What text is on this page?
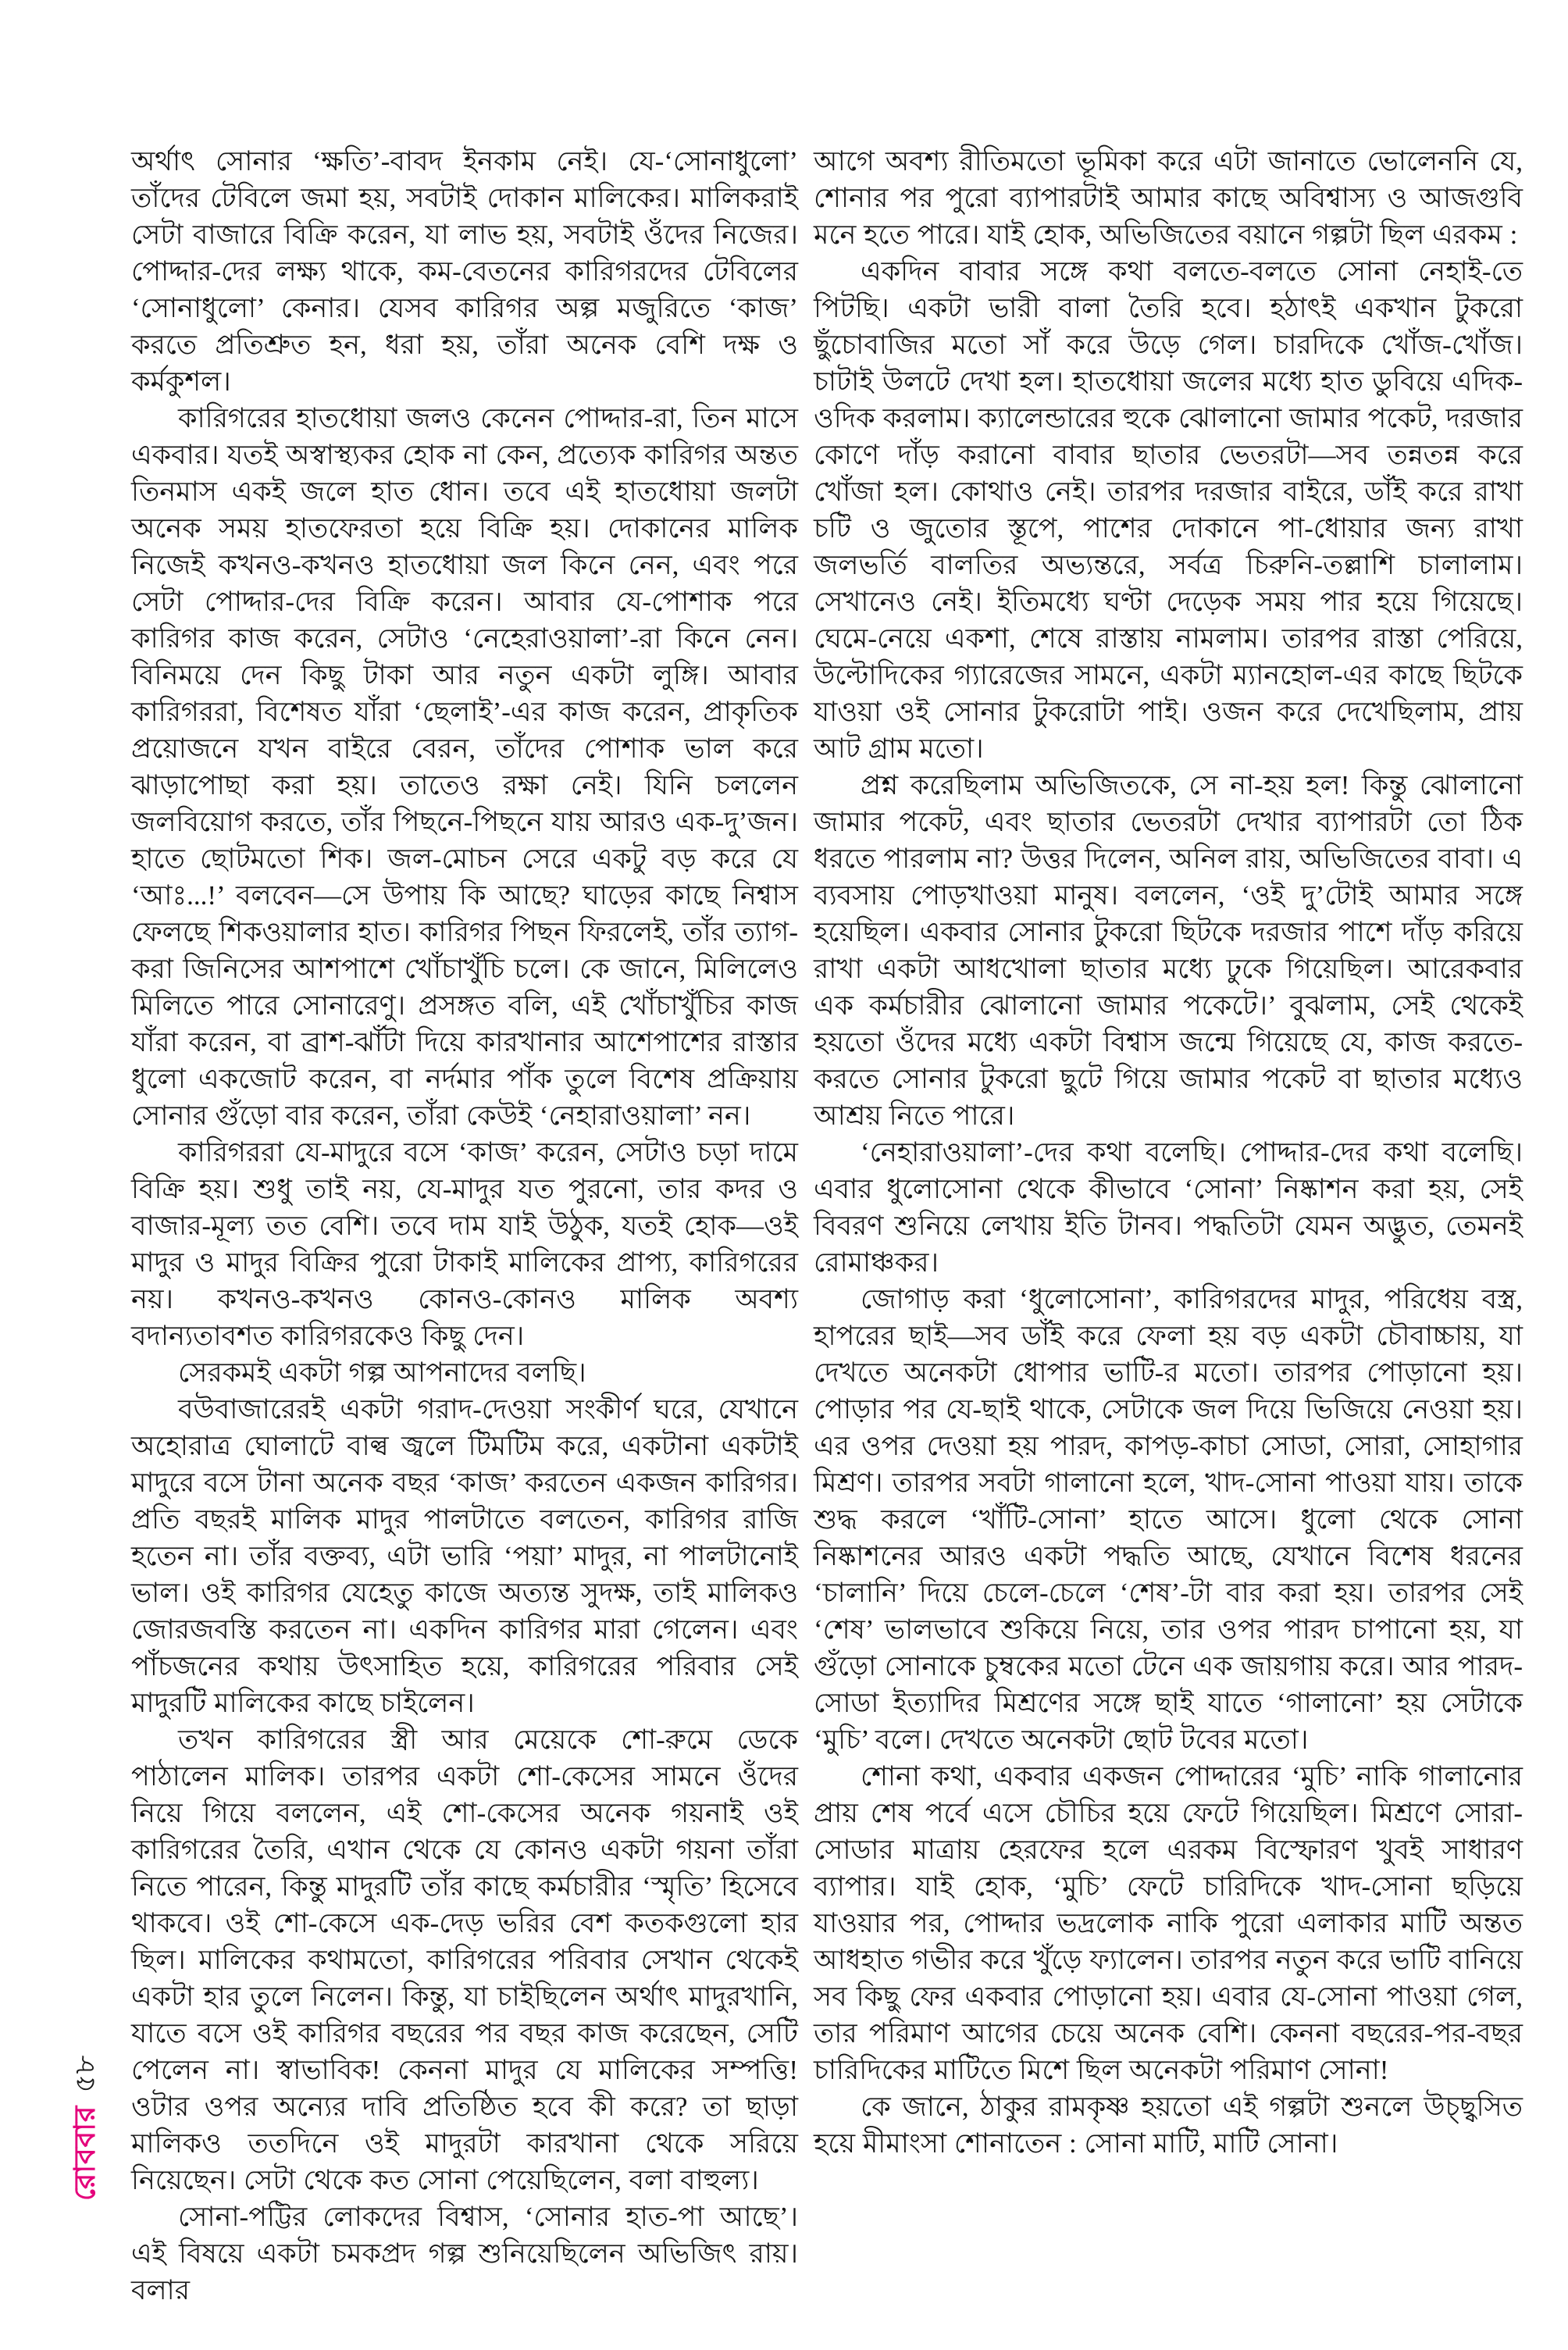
অর্থাৎ সোনার ‘ক্ষতি’-বাবদ ইনকাম নেই। যে-‘সোনাধুলো’ তাঁদের টেবিলে জমা হয়, সবটাই দোকান মালিকের। মালিকরাই সেটা বাজারে বিক্রি করেন, যা লাভ হয়, সবটাই ওঁদের নিজের। পোদ্দার-দের লক্ষ্য থাকে, কম-বেতনের কারিগরদের টেবিলের ‘সোনাধুলো’ কেনার। যেসব কারিগর অল্প মজুরিতে ‘কাজ’ করতে প্রতিশ্রুত হন, ধরা হয়, তাঁরা অনেক বেশি দক্ষ ও কর্মকুশল।

কারিগরের হাতধোয়া জলও কেনেন পোদ্দার-রা, তিন মাসে একবার। যতই অস্বাস্থ্যকর হোক না কেন, প্রত্যেক কারিগর অন্তত তিনমাস একই জলে হাত ধোন। তবে এই হাতধোয়া জলটা অনেক সময় হাতফেরতা হয়ে বিক্রি হয়। দোকানের মালিক নিজেই কখনও-কখনও হাতধোয়া জল কিনে নেন, এবং পরে সেটা পোদ্দার-দের বিক্রি করেন। আবার যে-পোশাক পরে কারিগর কাজ করেন, সেটাও ‘নেহেরাওয়ালা’-রা কিনে নেন। বিনিময়ে দেন কিছু টাকা আর নতুন একটা লুঙ্গি। আবার কারিগররা, বিশেষত যাঁরা ‘ছেলাই’-এর কাজ করেন, প্রাকৃতিক প্রয়োজনে যখন বাইরে বেরন, তাঁদের পোশাক ভাল করে ঝাড়াপোছা করা হয়। তাতেও রক্ষা নেই। যিনি চললেন জলবিয়োগ করতে, তাঁর পিছনে-পিছনে যায় আরও এক-দু’জন। হাতে ছোটমতো শিক। জল-মোচন সেরে একটু বড় করে যে ‘আঃ...!’ বলবেন—সে উপায় কি আছে? ঘাড়ের কাছে নিশ্বাস ফেলছে শিকওয়ালার হাত। কারিগর পিছন ফিরলেই, তাঁর ত্যাগ-করা জিনিসের আশপাশে খোঁচাখুঁচি চলে। কে জানে, মিলিলেও মিলিতে পারে সোনারেণু। প্রসঙ্গত বলি, এই খোঁচাখুঁচির কাজ যাঁরা করেন, বা ব্রাশ-ঝাঁটা দিয়ে কারখানার আশেপাশের রাস্তার ধুলো একজোট করেন, বা নর্দমার পাঁক তুলে বিশেষ প্রক্রিয়ায় সোনার গুঁড়ো বার করেন, তাঁরা কেউই ‘নেহারাওয়ালা’ নন।

কারিগররা যে-মাদুরে বসে ‘কাজ’ করেন, সেটাও চড়া দামে বিক্রি হয়। শুধু তাই নয়, যে-মাদুর যত পুরনো, তার কদর ও বাজার-মূল্য তত বেশি। তবে দাম যাই উঠুক, যতই হোক—ওই মাদুর ও মাদুর বিক্রির পুরো টাকাই মালিকের প্রাপ্য, কারিগরের নয়। কখনও-কখনও কোনও-কোনও মালিক অবশ্য বদান্যতাবশত কারিগরকেও কিছু দেন।

সেরকমই একটা গল্প আপনাদের বলছি।

বউবাজারেরই একটা গরাদ-দেওয়া সংকীর্ণ ঘরে, যেখানে অহোরাত্র ঘোলাটে বাল্ব জ্বলে টিমটিম করে, একটানা একটাই মাদুরে বসে টানা অনেক বছর ‘কাজ’ করতেন একজন কারিগর। প্রতি বছরই মালিক মাদুর পালটাতে বলতেন, কারিগর রাজি হতেন না। তাঁর বক্তব্য, এটা ভারি ‘পয়া’ মাদুর, না পালটানোই ভাল। ওই কারিগর যেহেতু কাজে অত্যন্ত সুদক্ষ, তাই মালিকও জোরজবস্তি করতেন না। একদিন কারিগর মারা গেলেন। এবং পাঁচজনের কথায় উৎসাহিত হয়ে, কারিগরের পরিবার সেই মাদুরটি মালিকের কাছে চাইলেন।

তখন কারিগরের স্ত্রী আর মেয়েকে শো-রুমে ডেকে পাঠালেন মালিক। তারপর একটা শো-কেসের সামনে ওঁদের নিয়ে গিয়ে বললেন, এই শো-কেসের অনেক গয়নাই ওই কারিগরের তৈরি, এখান থেকে যে কোনও একটা গয়না তাঁরা নিতে পারেন, কিন্তু মাদুরটি তাঁর কাছে কর্মচারীর ‘স্মৃতি’ হিসেবে থাকবে। ওই শো-কেসে এক-দেড় ভরির বেশ কতকগুলো হার ছিল। মালিকের কথামতো, কারিগরের পরিবার সেখান থেকেই একটা হার তুলে নিলেন। কিন্তু, যা চাইছিলেন অর্থাৎ মাদুরখানি, যাতে বসে ওই কারিগর বছরের পর বছর কাজ করেছেন, সেটি পেলেন না। স্বাভাবিক! কেননা মাদুর যে মালিকের সম্পত্তি! ওটার ওপর অন্যের দাবি প্রতিষ্ঠিত হবে কী করে? তা ছাড়া মালিকও ততদিনে ওই মাদুরটা কারখানা থেকে সরিয়ে নিয়েছেন। সেটা থেকে কত সোনা পেয়েছিলেন, বলা বাহুল্য।

সোনা-পট্টির লোকদের বিশ্বাস, ‘সোনার হাত-পা আছে’। এই বিষয়ে একটা চমকপ্রদ গল্প শুনিয়েছিলেন অভিজিৎ রায়। বলার

আগে অবশ্য রীতিমতো ভূমিকা করে এটা জানাতে ভোলেননি যে, শোনার পর পুরো ব্যাপারটাই আমার কাছে অবিশ্বাস্য ও আজগুবি মনে হতে পারে। যাই হোক, অভিজিতের বয়ানে গল্পটা ছিল এরকম :

একদিন বাবার সঙ্গে কথা বলতে-বলতে সোনা নেহাই-তে পিটছি। একটা ভারী বালা তৈরি হবে। হঠাৎই একখান টুকরো ছুঁচোবাজির মতো সাঁ করে উড়ে গেল। চারদিকে খোঁজ-খোঁজ। চাটাই উলটে দেখা হল। হাতধোয়া জলের মধ্যে হাত ডুবিয়ে এদিক-ওদিক করলাম। ক্যালেন্ডারের হুকে ঝোলানো জামার পকেট, দরজার কোণে দাঁড় করানো বাবার ছাতার ভেতরটা—সব তন্নতন্ন করে খোঁজা হল। কোথাও নেই। তারপর দরজার বাইরে, ডাঁই করে রাখা চটি ও জুতোর স্তূপে, পাশের দোকানে পা-ধোয়ার জন্য রাখা জলভর্তি বালতির অভ্যন্তরে, সর্বত্র চিরুনি-তল্লাশি চালালাম। সেখানেও নেই। ইতিমধ্যে ঘণ্টা দেড়েক সময় পার হয়ে গিয়েছে। ঘেমে-নেয়ে একশা, শেষে রাস্তায় নামলাম। তারপর রাস্তা পেরিয়ে, উল্টোদিকের গ্যারেজের সামনে, একটা ম্যানহোল-এর কাছে ছিটকে যাওয়া ওই সোনার টুকরোটা পাই। ওজন করে দেখেছিলাম, প্রায় আট গ্রাম মতো।

প্রশ্ন করেছিলাম অভিজিতকে, সে না-হয় হল! কিন্তু ঝোলানো জামার পকেট, এবং ছাতার ভেতরটা দেখার ব্যাপারটা তো ঠিক ধরতে পারলাম না? উত্তর দিলেন, অনিল রায়, অভিজিতের বাবা। এ ব্যবসায় পোড়খাওয়া মানুষ। বললেন, ‘ওই দু’টোই আমার সঙ্গে হয়েছিল। একবার সোনার টুকরো ছিটকে দরজার পাশে দাঁড় করিয়ে রাখা একটা আধখোলা ছাতার মধ্যে ঢুকে গিয়েছিল। আরেকবার এক কর্মচারীর ঝোলানো জামার পকেটে।’ বুঝলাম, সেই থেকেই হয়তো ওঁদের মধ্যে একটা বিশ্বাস জন্মে গিয়েছে যে, কাজ করতে-করতে সোনার টুকরো ছুটে গিয়ে জামার পকেট বা ছাতার মধ্যেও আশ্রয় নিতে পারে।

‘নেহারাওয়ালা’-দের কথা বলেছি। পোদ্দার-দের কথা বলেছি। এবার ধুলোসোনা থেকে কীভাবে ‘সোনা’ নিষ্কাশন করা হয়, সেই বিবরণ শুনিয়ে লেখায় ইতি টানব। পদ্ধতিটা যেমন অদ্ভুত, তেমনই রোমাঞ্চকর।

জোগাড় করা ‘ধুলোসোনা’, কারিগরদের মাদুর, পরিধেয় বস্ত্র, হাপরের ছাই—সব ডাঁই করে ফেলা হয় বড় একটা চৌবাচ্চায়, যা দেখতে অনেকটা ধোপার ভাটি-র মতো। তারপর পোড়ানো হয়। পোড়ার পর যে-ছাই থাকে, সেটাকে জল দিয়ে ভিজিয়ে নেওয়া হয়। এর ওপর দেওয়া হয় পারদ, কাপড়-কাচা সোডা, সোরা, সোহাগার মিশ্রণ। তারপর সবটা গালানো হলে, খাদ-সোনা পাওয়া যায়। তাকে শুদ্ধ করলে ‘খাঁটি-সোনা’ হাতে আসে। ধুলো থেকে সোনা নিষ্কাশনের আরও একটা পদ্ধতি আছে, যেখানে বিশেষ ধরনের ‘চালানি’ দিয়ে চেলে-চেলে ‘শেষ’-টা বার করা হয়। তারপর সেই ‘শেষ’ ভালভাবে শুকিয়ে নিয়ে, তার ওপর পারদ চাপানো হয়, যা গুঁড়ো সোনাকে চুম্বকের মতো টেনে এক জায়গায় করে। আর পারদ-সোডা ইত্যাদির মিশ্রণের সঙ্গে ছাই যাতে ‘গালানো’ হয় সেটাকে ‘মুচি’ বলে। দেখতে অনেকটা ছোট টবের মতো।

শোনা কথা, একবার একজন পোদ্দারের ‘মুচি’ নাকি গালানোর প্রায় শেষ পর্বে এসে চৌচির হয়ে ফেটে গিয়েছিল। মিশ্রণে সোরা-সোডার মাত্রায় হেরফের হলে এরকম বিস্ফোরণ খুবই সাধারণ ব্যাপার। যাই হোক, ‘মুচি’ ফেটে চারিদিকে খাদ-সোনা ছড়িয়ে যাওয়ার পর, পোদ্দার ভদ্রলোক নাকি পুরো এলাকার মাটি অন্তত আধহাত গভীর করে খুঁড়ে ফ্যালেন। তারপর নতুন করে ভাটি বানিয়ে সব কিছু ফের একবার পোড়ানো হয়। এবার যে-সোনা পাওয়া গেল, তার পরিমাণ আগের চেয়ে অনেক বেশি। কেননা বছরের-পর-বছর চারিদিকের মাটিতে মিশে ছিল অনেকটা পরিমাণ সোনা!

কে জানে, ঠাকুর রামকৃষ্ণ হয়তো এই গল্পটা শুনলে উচ্ছ্বসিত হয়ে মীমাংসা শোনাতেন : সোনা মাটি, মাটি সোনা।

রোববার৫৮
